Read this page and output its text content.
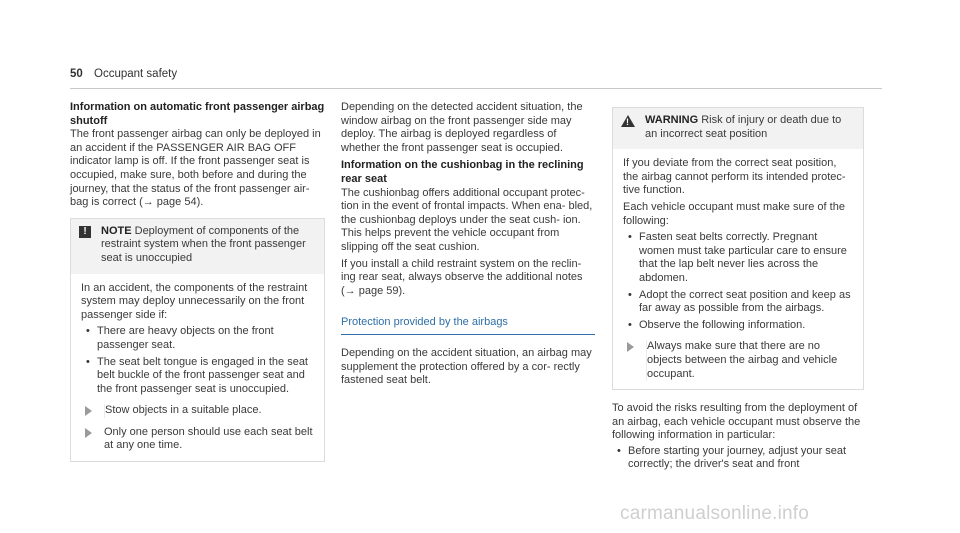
50 Occupant safety

Information on automatic front passenger airbag
shutoff

The front passenger airbag can only be deployed in an accident if the PASSENGER AIR BAG OFF indicator lamp is off. If the front passenger seat is occupied, make sure, both before and during the journey, that the status of the front passenger air- bag is correct (→ page 54).

!	NOTE Deployment of components of the restraint system when the front passenger seat is unoccupied

In an accident, the components of the restraint system may deploy unnecessarily on the front passenger side if:

• There are heavy objects on the front passenger seat.
• The seat belt tongue is engaged in the seat belt buckle of the front passenger seat and the front passenger seat is unoccupied.
Stow objects in a suitable place.
Only one person should use each seat belt at any one time.

Depending on the detected accident situation, the window airbag on the front passenger side may deploy. The airbag is deployed regardless of whether the front passenger seat is occupied.

Information on the cushionbag in the reclining
rear seat

The cushionbag offers additional occupant protec- tion in the event of frontal impacts. When ena- bled, the cushionbag deploys under the seat cush- ion. This helps prevent the vehicle occupant from slipping off the seat cushion.

If you install a child restraint system on the reclin- ing rear seat, always observe the additional notes (→ page 59).

Protection provided by the airbags

Depending on the accident situation, an airbag may supplement the protection offered by a cor- rectly fastened seat belt.

!
WARNING Risk of injury or death due to an incorrect seat position

If you deviate from the correct seat position, the airbag cannot perform its intended protec- tive function.

Each vehicle occupant must make sure of the following:

• Fasten seat belts correctly. Pregnant women must take particular care to ensure that the lap belt never lies across the abdomen.
• Adopt the correct seat position and keep as far away as possible from the airbags.
• Observe the following information.
Always make sure that there are no objects between the airbag and vehicle occupant.

To avoid the risks resulting from the deployment of an airbag, each vehicle occupant must observe the following information in particular:

• Before starting your journey, adjust your seat correctly; the driver's seat and front
carmanualsonline.info
